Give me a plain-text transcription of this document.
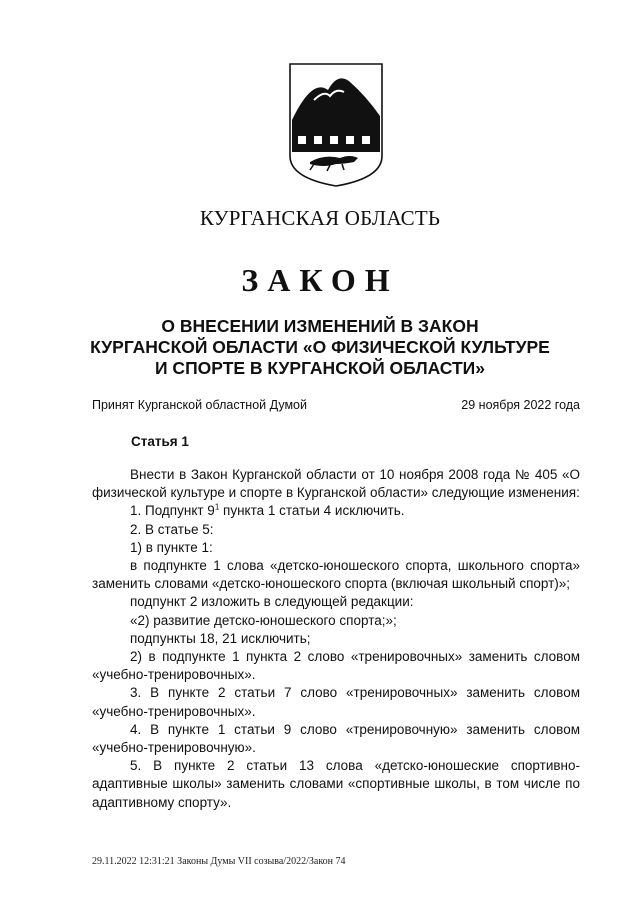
КУРГАНСКАЯ ОБЛАСТЬ
ЗАКОН
О ВНЕСЕНИИ ИЗМЕНЕНИЙ В ЗАКОН
КУРГАНСКОЙ ОБЛАСТИ «О ФИЗИЧЕСКОЙ КУЛЬТУРЕ
И СПОРТЕ В КУРГАНСКОЙ ОБЛАСТИ»
Принят Курганской областной Думой	29 ноября 2022 года
Статья 1

Внести в Закон Курганской области от 10 ноября 2008 года № 405 «О физической культуре и спорте в Курганской области» следующие изменения:

1. Подпункт $9^1$ пункта 1 статьи 4 исключить.

2. В статье 5:

1) в пункте 1:

в подпункте 1 слова «детско-юношеского спорта, школьного спорта» заменить словами «детско-юношеского спорта (включая школьный спорт)»;

подпункт 2 изложить в следующей редакции:

«2) развитие детско-юношеского спорта;»;

подпункты 18, 21 исключить;

2) в подпункте 1 пункта 2 слово «тренировочных» заменить словом «учебно-тренировочных».

3. В пункте 2 статьи 7 слово «тренировочных» заменить словом «учебно-тренировочных».

4. В пункте 1 статьи 9 слово «тренировочную» заменить словом «учебно-тренировочную».

5. В пункте 2 статьи 13 слова «детско-юношеские спортивно-адаптивные школы» заменить словами «спортивные школы, в том числе по адаптивному спорту».

29.11.2022 12:31:21 Законы Думы VII созыва/2022/Закон 74
